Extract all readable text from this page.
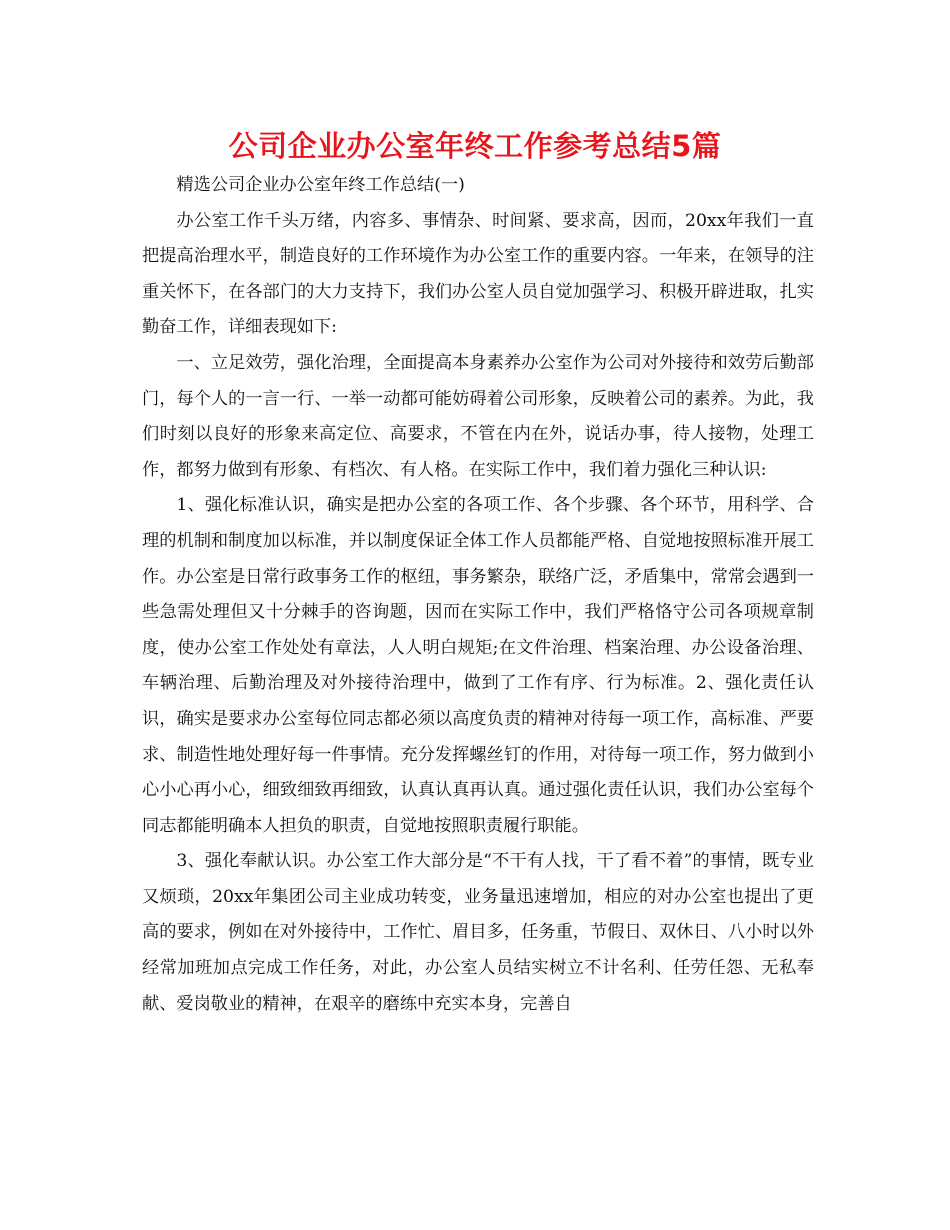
公司企业办公室年终工作参考总结5篇

精选公司企业办公室年终工作总结(一)

办公室工作千头万绪，内容多、事情杂、时间紧、要求高，因而，20xx年我们一直把提高治理水平，制造良好的工作环境作为办公室工作的重要内容。一年来，在领导的注重关怀下，在各部门的大力支持下，我们办公室人员自觉加强学习、积极开辟进取，扎实勤奋工作，详细表现如下:

一、立足效劳，强化治理，全面提高本身素养办公室作为公司对外接待和效劳后勤部门，每个人的一言一行、一举一动都可能妨碍着公司形象，反映着公司的素养。为此，我们时刻以良好的形象来高定位、高要求，不管在内在外，说话办事，待人接物，处理工作，都努力做到有形象、有档次、有人格。在实际工作中，我们着力强化三种认识:

1、强化标准认识，确实是把办公室的各项工作、各个步骤、各个环节，用科学、合理的机制和制度加以标准，并以制度保证全体工作人员都能严格、自觉地按照标准开展工作。办公室是日常行政事务工作的枢纽，事务繁杂，联络广泛，矛盾集中，常常会遇到一些急需处理但又十分棘手的咨询题，因而在实际工作中，我们严格恪守公司各项规章制度，使办公室工作处处有章法，人人明白规矩;在文件治理、档案治理、办公设备治理、车辆治理、后勤治理及对外接待治理中，做到了工作有序、行为标准。2、强化责任认识，确实是要求办公室每位同志都必须以高度负责的精神对待每一项工作，高标准、严要求、制造性地处理好每一件事情。充分发挥螺丝钉的作用，对待每一项工作，努力做到小心小心再小心，细致细致再细致，认真认真再认真。通过强化责任认识，我们办公室每个同志都能明确本人担负的职责，自觉地按照职责履行职能。

3、强化奉献认识。办公室工作大部分是“不干有人找，干了看不着”的事情，既专业又烦琐，20xx年集团公司主业成功转变，业务量迅速增加，相应的对办公室也提出了更高的要求，例如在对外接待中，工作忙、眉目多，任务重，节假日、双休日、八小时以外经常加班加点完成工作任务，对此，办公室人员结实树立不计名利、任劳任怨、无私奉献、爱岗敬业的精神，在艰辛的磨练中充实本身，完善自
